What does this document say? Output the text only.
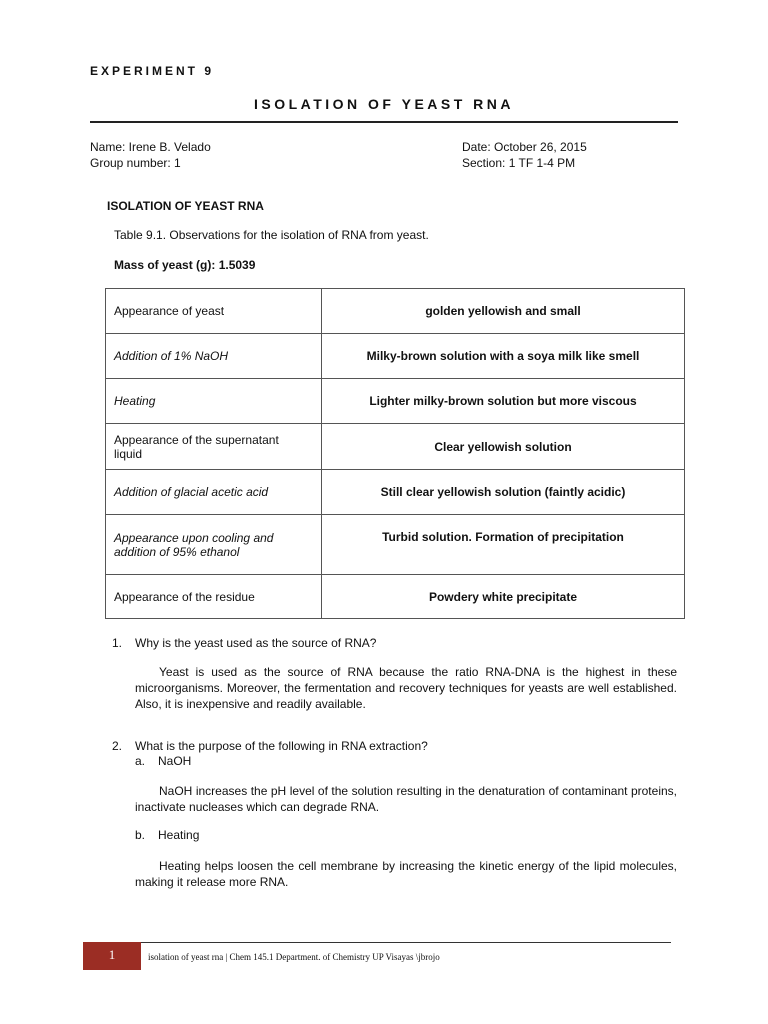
EXPERIMENT 9
ISOLATION OF YEAST RNA
Name: Irene B. Velado
Group number: 1
Date: October 26, 2015
Section: 1 TF 1-4 PM
ISOLATION OF YEAST RNA
Table 9.1. Observations for the isolation of RNA from yeast.
Mass of yeast (g): 1.5039
Appearance of yeast	golden yellowish and small
Addition of 1% NaOH	Milky-brown solution with a soya milk like smell
Heating	Lighter milky-brown solution but more viscous
Appearance of the supernatant
liquid	Clear yellowish solution
Addition of glacial acetic acid	Still clear yellowish solution (faintly acidic)
Appearance upon cooling and
addition of 95% ethanol	Turbid solution. Formation of precipitation
Appearance of the residue	Powdery white precipitate
1. Why is the yeast used as the source of RNA?
Yeast is used as the source of RNA because the ratio RNA-DNA is the highest in these microorganisms. Moreover, the fermentation and recovery techniques for yeasts are well established. Also, it is inexpensive and readily available.
2. What is the purpose of the following in RNA extraction?
a. NaOH
NaOH increases the pH level of the solution resulting in the denaturation of contaminant proteins, inactivate nucleases which can degrade RNA.
b. Heating
Heating helps loosen the cell membrane by increasing the kinetic energy of the lipid molecules, making it release more RNA.
1	isolation of yeast rna | Chem 145.1 Department. of Chemistry UP Visayas \jbrojo
